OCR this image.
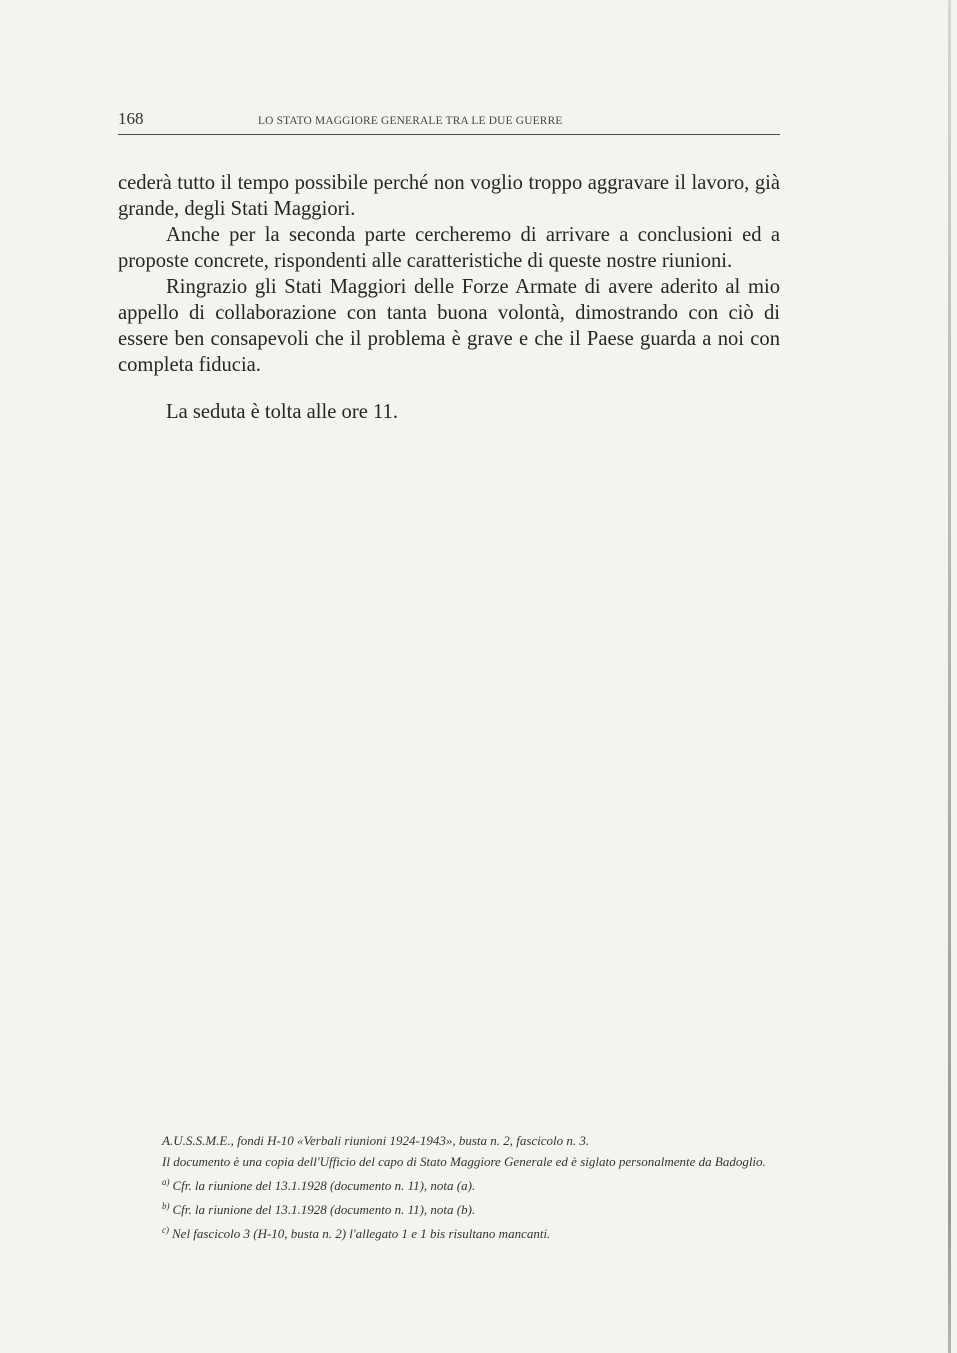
168	LO STATO MAGGIORE GENERALE TRA LE DUE GUERRE

cederà tutto il tempo possibile perché non voglio troppo aggravare il lavoro, già grande, degli Stati Maggiori.

Anche per la seconda parte cercheremo di arrivare a conclusioni ed a proposte concrete, rispondenti alle caratteristiche di queste nostre riunioni.

Ringrazio gli Stati Maggiori delle Forze Armate di avere aderito al mio appello di collaborazione con tanta buona volontà, dimostrando con ciò di essere ben consapevoli che il problema è grave e che il Paese guarda a noi con completa fiducia.

La seduta è tolta alle ore 11.

A.U.S.S.M.E., fondi H-10 «Verbali riunioni 1924-1943», busta n. 2, fascicolo n. 3.

Il documento è una copia dell'Ufficio del capo di Stato Maggiore Generale ed è siglato personalmente da Badoglio.

$^{a)}$ Cfr. la riunione del 13.1.1928 (documento n. 11), nota (a).

$^{b)}$ Cfr. la riunione del 13.1.1928 (documento n. 11), nota (b).

$^{c)}$ Nel fascicolo 3 (H-10, busta n. 2) l'allegato 1 e 1 bis risultano mancanti.
